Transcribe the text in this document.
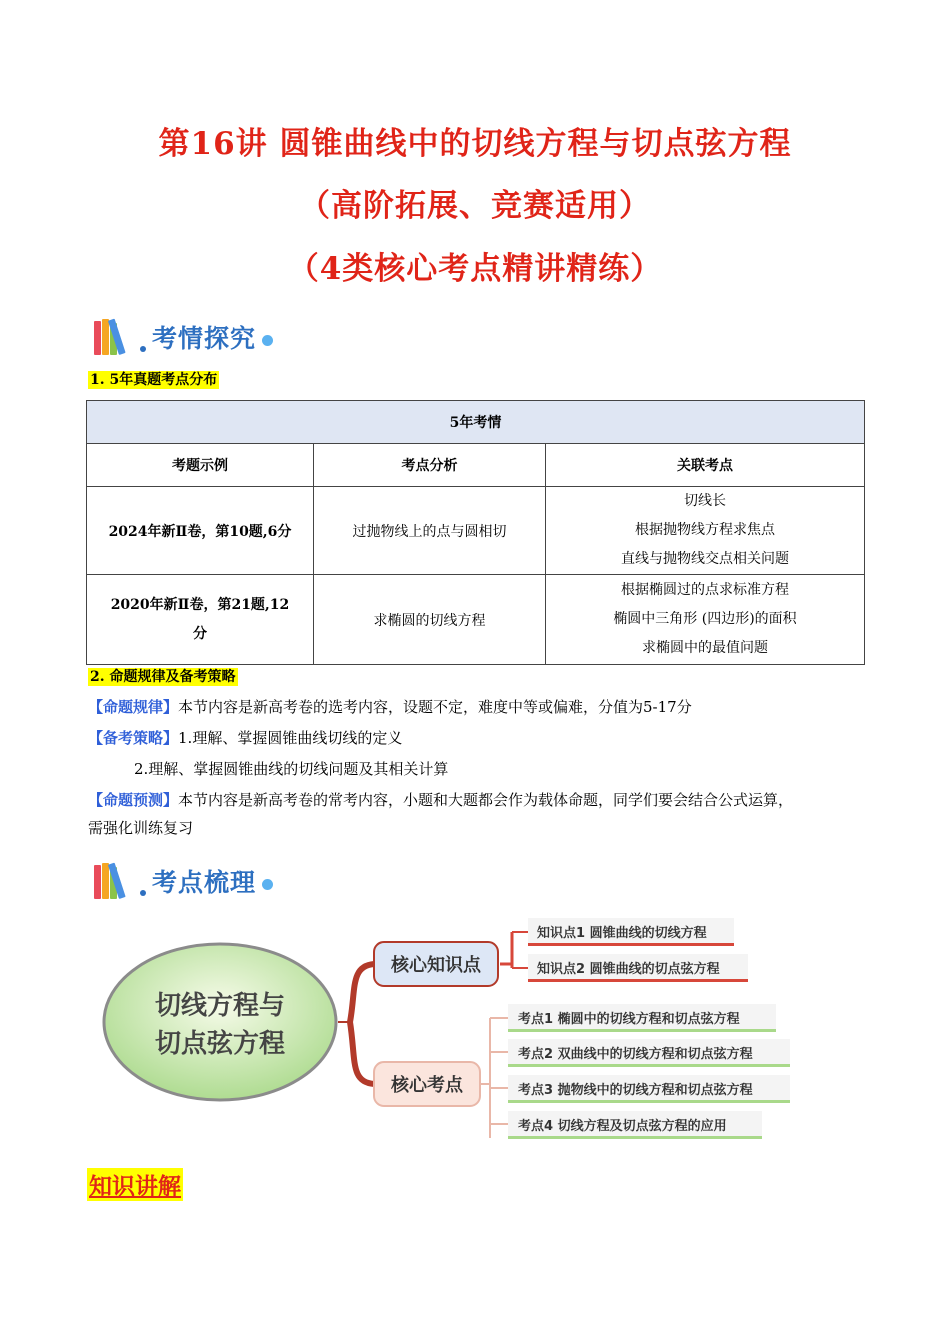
第16讲 圆锥曲线中的切线方程与切点弦方程
（高阶拓展、竞赛适用）
（4类核心考点精讲精练）
考情探究
1. 5年真题考点分布
5年考情		
考题示例	考点分析	关联考点
2024年新Ⅱ卷，第10题,6分	过抛物线上的点与圆相切	切线长
根据抛物线方程求焦点
直线与抛物线交点相关问题

2020年新Ⅱ卷，第21题,12分	求椭圆的切线方程	根据椭圆过的点求标准方程
椭圆中三角形 (四边形)的面积
求椭圆中的最值问题
2. 命题规律及备考策略
【命题规律】本节内容是新高考卷的选考内容，设题不定，难度中等或偏难，分值为5-17分
【备考策略】1.理解、掌握圆锥曲线切线的定义
2.理解、掌握圆锥曲线的切线问题及其相关计算
【命题预测】本节内容是新高考卷的常考内容，小题和大题都会作为载体命题，同学们要会结合公式运算，
需强化训练复习
考点梳理
切线方程与
切点弦方程
核心知识点
知识点1 圆锥曲线的切线方程
知识点2 圆锥曲线的切点弦方程
核心考点
考点1 椭圆中的切线方程和切点弦方程
考点2 双曲线中的切线方程和切点弦方程
考点3 抛物线中的切线方程和切点弦方程
考点4 切线方程及切点弦方程的应用
知识讲解
